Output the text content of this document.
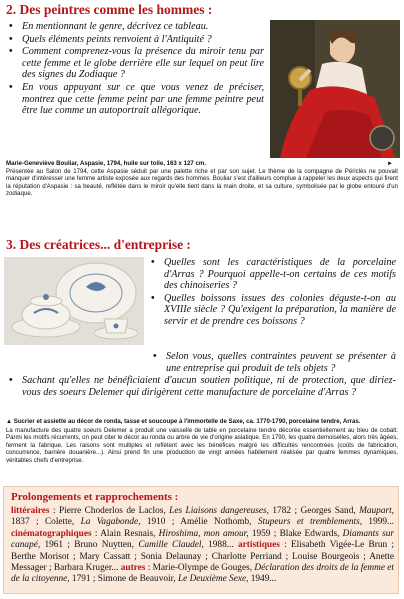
2. Des peintres comme les hommes :
• En mentionnant le genre, décrivez ce tableau.
• Quels éléments peints renvoient à l'Antiquité ?
• Comment comprenez-vous la présence du miroir tenu par cette femme et le globe derrière elle sur lequel on peut lire des signes du Zodiaque ?
• En vous appuyant sur ce que vous venez de préciser, montrez que cette femme peint par une femme peintre peut être lue comme un autoportrait allégorique.
Marie-Geneviève Bouliar, Aspasie, 1794, huile sur toile, 163 x 127 cm.	►
Présentée au Salon de 1794, cette Aspasie séduit par une palette riche et par son sujet. Le thème de la compagne de Périclès ne pouvait manquer d'intéresser une femme artiste exposée aux regards des hommes. Bouliar s'est d'ailleurs complue à rappeler les deux aspects qui firent la réputation d'Aspasie : sa beauté, reflétée dans le miroir qu'elle tient dans la main droite, et sa culture, symbolisée par le globe entouré d'un zodiaque.
3. Des créatrices... d'entreprise :
• Quelles sont les caractéristiques de la porcelaine d'Arras ? Pourquoi appelle-t-on certains de ces motifs des chinoiseries ?
• Quelles boissons issues des colonies déguste-t-on au XVIIIe siècle ? Qu'exigent la préparation, la manière de servir et de prendre ces boissons ?
• Selon vous, quelles contraintes peuvent se présenter à une entreprise qui produit de tels objets ?
• Sachant qu'elles ne bénéficiaient d'aucun soutien politique, ni de protection, que diriez-vous des soeurs Delemer qui dirigèrent cette manufacture de porcelaine d'Arras ?
▲ Sucrier et assiette au décor de ronda, tasse et soucoupe à l'immortelle de Saxe, ca. 1770-1790, porcelaine tendre, Arras.
La manufacture des quatre soeurs Delemer a produit une vaisselle de table en porcelaine tendre décorée essentiellement au bleu de cobalt. Parmi les motifs récurrents, on peut citer le décor au ronda ou arbre de vie d'origine asiatique. En 1790, les quatre demoiselles, alors très âgées, ferment la fabrique. Les raisons sont multiples et reflètent avec les bénéfices malgré les difficultés rencontrées (coûts de fabrication, concurrence, barrière douanière...). Ainsi prend fin une production de vingt années habilement réalisée par quatre femmes dynamiques, véritables chefs d'entreprise.
Prolongements et rapprochements :
littéraires : Pierre Choderlos de Laclos, Les Liaisons dangereuses, 1782 ; Georges Sand, Maupart, 1837 ; Colette, La Vagabonde, 1910 ; Amélie Nothomb, Stupeurs et tremblements, 1999... cinématographiques : Alain Resnais, Hiroshima, mon amour, 1959 ; Blake Edwards, Diamants sur canapé, 1961 ; Bruno Nuytten, Camille Claudel, 1988... artistiques : Elisabeth Vigée-Le Brun ; Berthe Morisot ; Mary Cassatt ; Sonia Delaunay ; Charlotte Perriand ; Louise Bourgeois ; Anette Messager ; Barbara Kruger... autres : Marie-Olympe de Gouges, Déclaration des droits de la femme et de la citoyenne, 1791 ; Simone de Beauvoir, Le Deuxième Sexe, 1949...
